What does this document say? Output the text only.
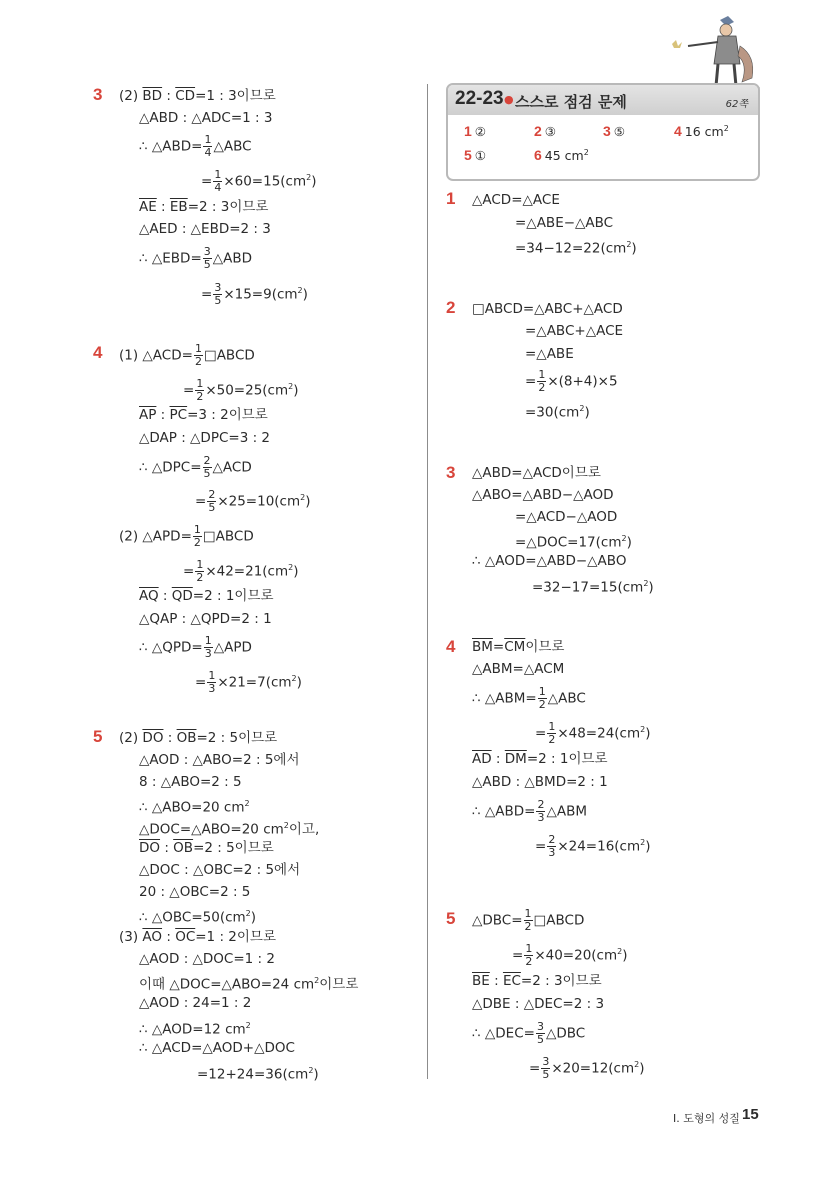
3 (2) $\overline{BD}$ : $\overline{CD}=1$ : 3이므로
△ABD : △ADC=1 : 3
∴ △ABD= $\frac{1}{4}$ △ABC
= $\frac{1}{4} \times 60=15(cm^2)$
$\overline{AE}$ : $\overline{EB}=2$ : 3이므로
△AED : △EBD=2 : 3
∴ △EBD= $\frac{3}{5}$ △ABD
= $\frac{3}{5} \times 15=9(cm^2)$
4 (1) △ACD= $\frac{1}{2}$ □ABCD
= $\frac{1}{2} \times 50=25(cm^2)$
$\overline{AP}$ : $\overline{PC}=3$ : 2이므로
△DAP : △DPC=3 : 2
∴ △DPC= $\frac{2}{5}$ △ACD
= $\frac{2}{5} \times 25=10(cm^2)$
(2) △APD= $\frac{1}{2}$ □ABCD
= $\frac{1}{2} \times 42=21(cm^2)$
$\overline{AQ}$ : $\overline{QD}=2$ : 1이므로
△QAP : △QPD=2 : 1
∴ △QPD= $\frac{1}{3}$ △APD
= $\frac{1}{3} \times 21=7(cm^2)$
5 (2) $\overline{DO}$ : $\overline{OB}=2$ : 5이므로
△AOD : △ABO=2 : 5에서
8 : △ABO=2 : 5
∴ △ABO=20 $cm^2$
△DOC=△ABO=20 $cm^2$이고,
$\overline{DO}$ : $\overline{OB}=2$ : 5이므로
△DOC : △OBC=2 : 5에서
20 : △OBC=2 : 5
∴ $\triangle OBC=50(cm^2)$
(3) $\overline{AO}$ : $\overline{OC}=1$ : 2이므로
△AOD : △DOC=1 : 2
이때 △DOC=△ABO=24 $cm^2$이므로
△AOD : 24=1 : 2
∴ △AOD=12 $cm^2$
∴ △ACD=△AOD+△DOC
$=12+24=36(cm^2)$
22-23 ● 스스로 점검 문제	62쪽
1 ②	2 ③	3 ⑤	4 16 $cm^2$
5 ①	6 45 $cm^2$
1 △ACD=△ACE
=△ABE−△ABC
$=34-12=22(cm^2)$
2 □ABCD=△ABC+△ACD
=△ABC+△ACE
=△ABE
= $\frac{1}{2} \times(8+4)\times 5$
$=30(cm^2)$
3 △ABD=△ACD이므로
△ABO=△ABD−△AOD
=△ACD−△AOD
$=\triangle DOC=17(cm^2)$
∴ △AOD=△ABD−△ABO
$=32-17=15(cm^2)$
4 $\overline{BM}=\overline{CM}$이므로
△ABM=△ACM
∴ △ABM= $\frac{1}{2}$ △ABC
= $\frac{1}{2} \times 48=24(cm^2)$
$\overline{AD}$ : $\overline{DM}=2$ : 1이므로
△ABD : △BMD=2 : 1
∴ △ABD= $\frac{2}{3}$ △ABM
= $\frac{2}{3} \times 24=16(cm^2)$
5 △DBC= $\frac{1}{2}$ □ABCD
= $\frac{1}{2} \times 40=20(cm^2)$
$\overline{BE}$ : $\overline{EC}=2$ : 3이므로
△DBE : △DEC=2 : 3
∴ △DEC= $\frac{3}{5}$ △DBC
= $\frac{3}{5} \times 20=12(cm^2)$
I. 도형의 성질 15
